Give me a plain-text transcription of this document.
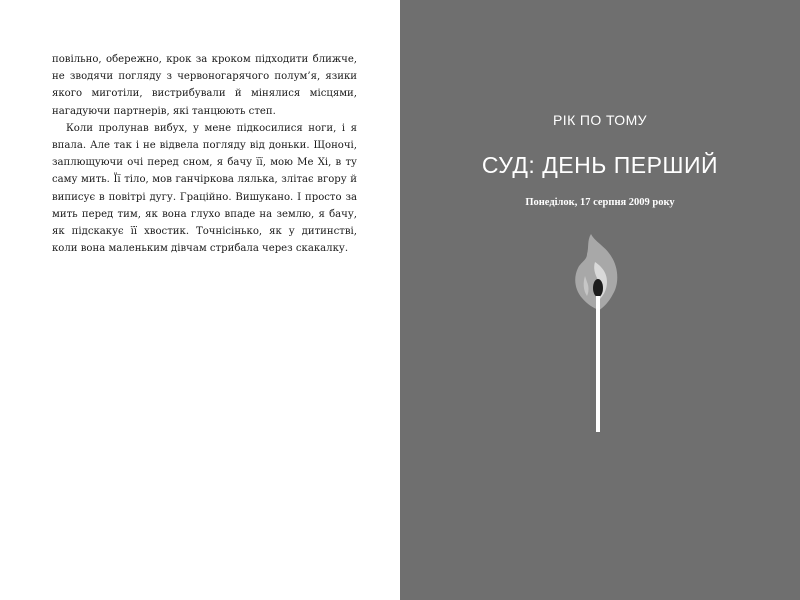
повільно, обережно, крок за кроком підходити ближче, не зводячи погляду з червоногарячого полум’я, язики якого миготіли, вистрибували й мінялися місцями, нагадуючи партнерів, які танцюють степ.

Коли пролунав вибух, у мене підкосилися ноги, і я впала. Але так і не відвела погляду від доньки. Щоночі, заплющуючи очі перед сном, я бачу її, мою Ме Хі, в ту саму мить. Її тіло, мов ганчіркова лялька, злітає вгору й виписує в повітрі дугу. Граційно. Вишукано. І просто за мить перед тим, як вона глухо впаде на землю, я бачу, як підскакує її хвостик. Точнісінько, як у дитинстві, коли вона маленьким дівчам стрибала через скакалку.

РІК ПО ТОМУ
СУД: ДЕНЬ ПЕРШИЙ
Понеділок, 17 серпня 2009 року
